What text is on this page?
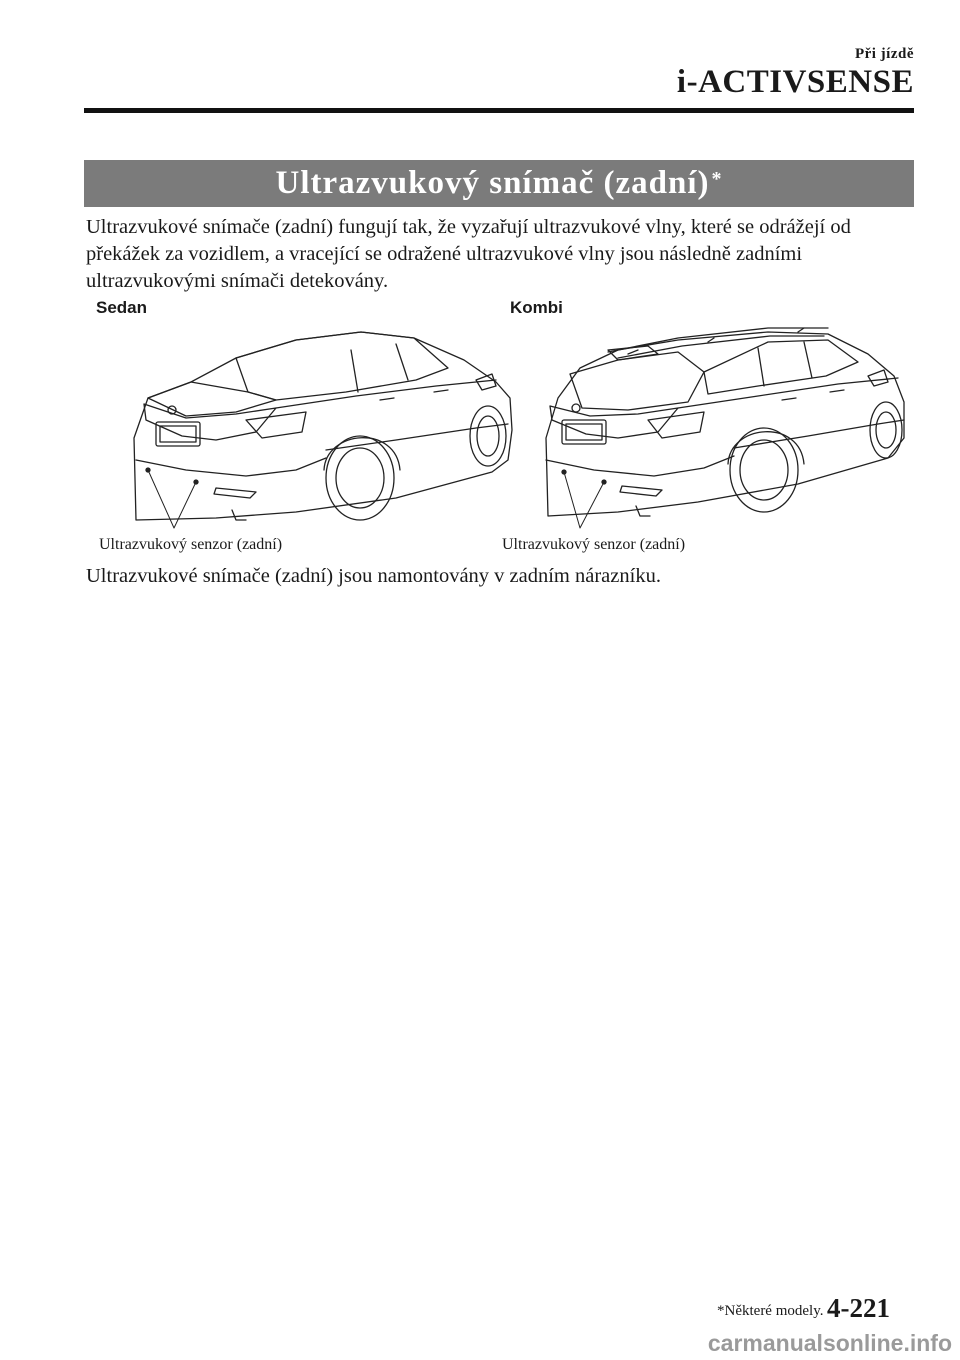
Při jízdě
i-ACTIVSENSE
Ultrazvukový snímač (zadní)*
Ultrazvukové snímače (zadní) fungují tak, že vyzařují ultrazvukové vlny, které se odrážejí od překážek za vozidlem, a vracející se odražené ultrazvukové vlny jsou následně zadními ultrazvukovými snímači detekovány.
Sedan	Kombi
Ultrazvukový senzor (zadní)	Ultrazvukový senzor (zadní)
Ultrazvukové snímače (zadní) jsou namontovány v zadním nárazníku.
*Některé modely. 4-221
carmanualsonline.info
